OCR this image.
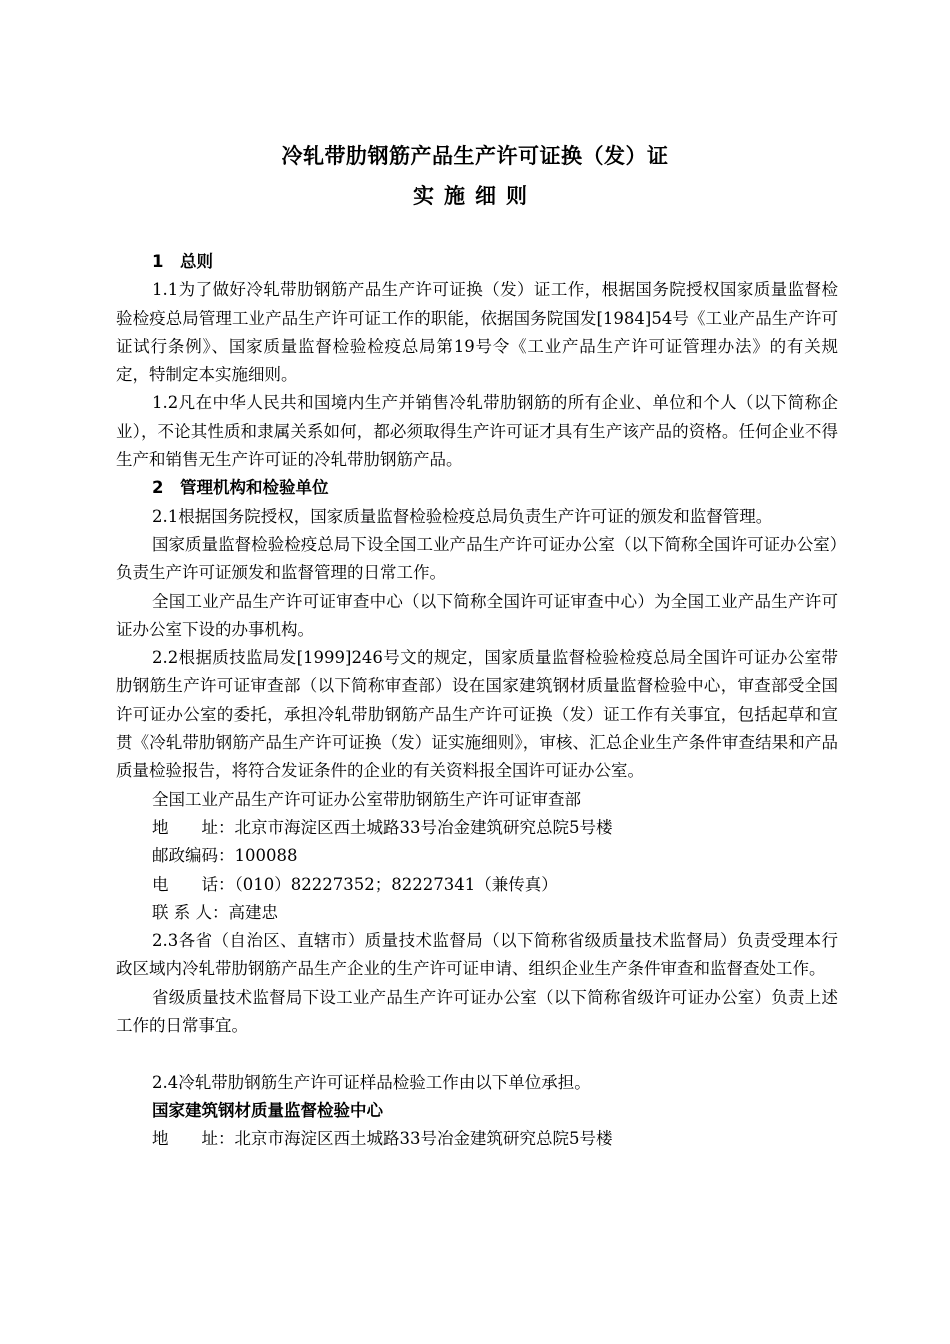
冷轧带肋钢筋产品生产许可证换（发）证
实施细则
1　总则
1.1为了做好冷轧带肋钢筋产品生产许可证换（发）证工作，根据国务院授权国家质量监督检验检疫总局管理工业产品生产许可证工作的职能，依据国务院国发[1984]54号《工业产品生产许可证试行条例》、国家质量监督检验检疫总局第19号令《工业产品生产许可证管理办法》的有关规定，特制定本实施细则。
1.2凡在中华人民共和国境内生产并销售冷轧带肋钢筋的所有企业、单位和个人（以下简称企业），不论其性质和隶属关系如何，都必须取得生产许可证才具有生产该产品的资格。任何企业不得生产和销售无生产许可证的冷轧带肋钢筋产品。
2　管理机构和检验单位
2.1根据国务院授权，国家质量监督检验检疫总局负责生产许可证的颁发和监督管理。
国家质量监督检验检疫总局下设全国工业产品生产许可证办公室（以下简称全国许可证办公室）负责生产许可证颁发和监督管理的日常工作。
全国工业产品生产许可证审查中心（以下简称全国许可证审查中心）为全国工业产品生产许可证办公室下设的办事机构。
2.2根据质技监局发[1999]246号文的规定，国家质量监督检验检疫总局全国许可证办公室带肋钢筋生产许可证审查部（以下简称审查部）设在国家建筑钢材质量监督检验中心，审查部受全国许可证办公室的委托，承担冷轧带肋钢筋产品生产许可证换（发）证工作有关事宜，包括起草和宣贯《冷轧带肋钢筋产品生产许可证换（发）证实施细则》，审核、汇总企业生产条件审查结果和产品质量检验报告，将符合发证条件的企业的有关资料报全国许可证办公室。
全国工业产品生产许可证办公室带肋钢筋生产许可证审查部
地　　址：北京市海淀区西土城路33号冶金建筑研究总院5号楼
邮政编码：100088
电　　话：（010）82227352；82227341（兼传真）
联 系 人：高建忠
2.3各省（自治区、直辖市）质量技术监督局（以下简称省级质量技术监督局）负责受理本行政区域内冷轧带肋钢筋产品生产企业的生产许可证申请、组织企业生产条件审查和监督查处工作。
省级质量技术监督局下设工业产品生产许可证办公室（以下简称省级许可证办公室）负责上述工作的日常事宜。
2.4冷轧带肋钢筋生产许可证样品检验工作由以下单位承担。
国家建筑钢材质量监督检验中心
地　　址：北京市海淀区西土城路33号冶金建筑研究总院5号楼
